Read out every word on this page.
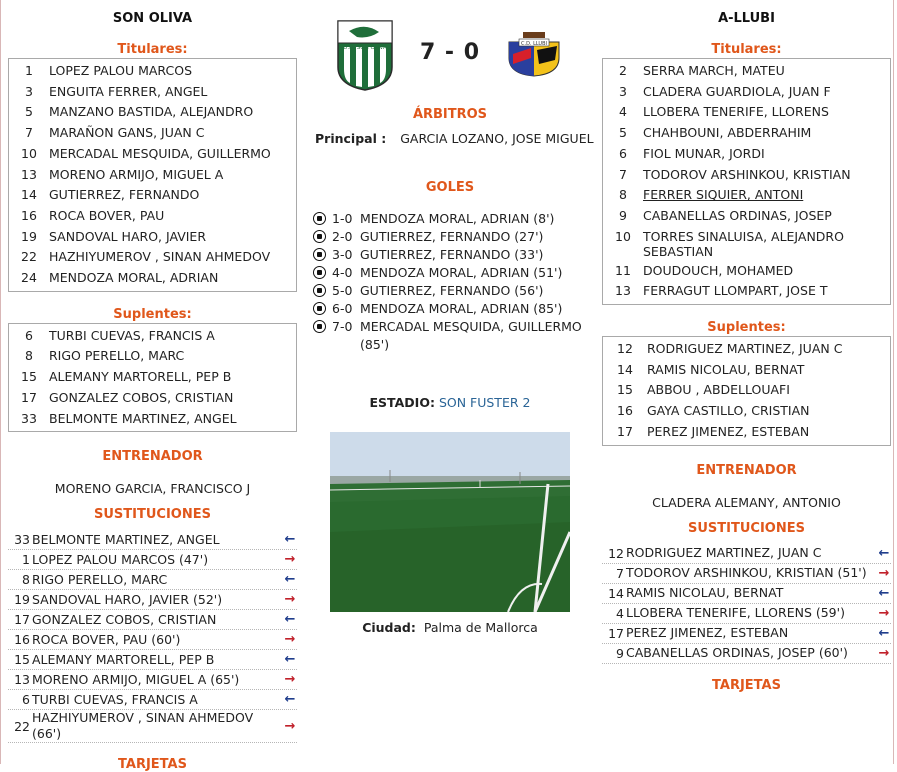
SON OLIVA
Titulares:
1	LOPEZ PALOU MARCOS
3	ENGUITA FERRER, ANGEL
5	MANZANO BASTIDA, ALEJANDRO
7	MARAÑON GANS, JUAN C
10 MERCADAL MESQUIDA, GUILLERMO
13 MORENO ARMIJO, MIGUEL A
14 GUTIERREZ, FERNANDO
16 ROCA BOVER, PAU
19 SANDOVAL HARO, JAVIER
22 HAZHIYUMEROV , SINAN AHMEDOV
24 MENDOZA MORAL, ADRIAN
Suplentes:
6	TURBI CUEVAS, FRANCIS A
8	RIGO PERELLO, MARC
15 ALEMANY MARTORELL, PEP B
17 GONZALEZ COBOS, CRISTIAN
33 BELMONTE MARTINEZ, ANGEL
ENTRENADOR
MORENO GARCIA, FRANCISCO J
SUSTITUCIONES
33 BELMONTE MARTINEZ, ANGEL	←
1 LOPEZ PALOU MARCOS (47')	→
8 RIGO PERELLO, MARC	←
19 SANDOVAL HARO, JAVIER (52')	→
17 GONZALEZ COBOS, CRISTIAN	←
16 ROCA BOVER, PAU (60')	→
15 ALEMANY MARTORELL, PEP B	←
13 MORENO ARMIJO, MIGUEL A (65')	→
6 TURBI CUEVAS, FRANCIS A	←
22
HAZHIYUMEROV , SINAN AHMEDOV (66')	→
TARJETAS
U.D. SON OLIVA	7 - 0	C.D. LLUBI
ÁRBITROS
Principal : GARCIA LOZANO, JOSE MIGUEL
GOLES
1-0 MENDOZA MORAL, ADRIAN (8')
2-0 GUTIERREZ, FERNANDO (27')
3-0 GUTIERREZ, FERNANDO (33')
4-0 MENDOZA MORAL, ADRIAN (51')
5-0 GUTIERREZ, FERNANDO (56')
6-0 MENDOZA MORAL, ADRIAN (85')
7-0 MERCADAL MESQUIDA, GUILLERMO (85')
ESTADIO: SON FUSTER 2
Ciudad: Palma de Mallorca
A-LLUBI
Titulares:
2	SERRA MARCH, MATEU
3	CLADERA GUARDIOLA, JUAN F
4	LLOBERA TENERIFE, LLORENS
5	CHAHBOUNI, ABDERRAHIM
6	FIOL MUNAR, JORDI
7	TODOROV ARSHINKOU, KRISTIAN
8	FERRER SIQUIER, ANTONI
9	CABANELLAS ORDINAS, JOSEP
10 TORRES SINALUISA, ALEJANDRO SEBASTIAN
11 DOUDOUCH, MOHAMED
13 FERRAGUT LLOMPART, JOSE T
Suplentes:
12	RODRIGUEZ MARTINEZ, JUAN C
14	RAMIS NICOLAU, BERNAT
15	ABBOU , ABDELLOUAFI
16	GAYA CASTILLO, CRISTIAN
17	PEREZ JIMENEZ, ESTEBAN
ENTRENADOR
CLADERA ALEMANY, ANTONIO
SUSTITUCIONES
12 RODRIGUEZ MARTINEZ, JUAN C	←
7 TODOROV ARSHINKOU, KRISTIAN (51') →
14 RAMIS NICOLAU, BERNAT	←
4 LLOBERA TENERIFE, LLORENS (59')	→
17 PEREZ JIMENEZ, ESTEBAN	←
9 CABANELLAS ORDINAS, JOSEP (60')	→
TARJETAS
